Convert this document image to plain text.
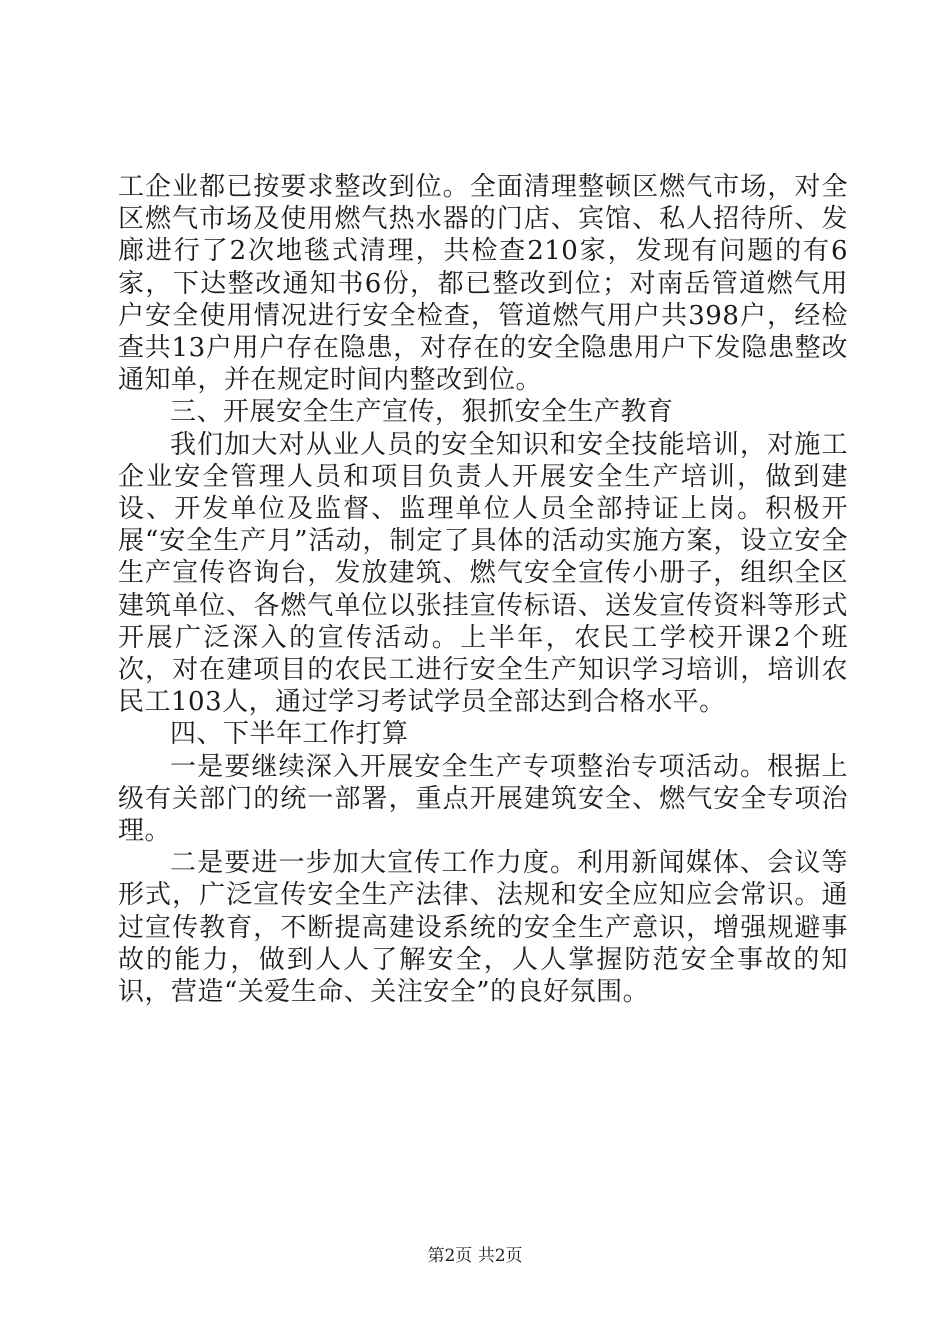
工企业都已按要求整改到位。全面清理整顿区燃气市场，对全区燃气市场及使用燃气热水器的门店、宾馆、私人招待所、发廊进行了2次地毯式清理，共检查210家，发现有问题的有6家，下达整改通知书6份，都已整改到位；对南岳管道燃气用户安全使用情况进行安全检查，管道燃气用户共398户，经检查共13户用户存在隐患，对存在的安全隐患用户下发隐患整改通知单，并在规定时间内整改到位。

三、开展安全生产宣传，狠抓安全生产教育

我们加大对从业人员的安全知识和安全技能培训，对施工企业安全管理人员和项目负责人开展安全生产培训，做到建设、开发单位及监督、监理单位人员全部持证上岗。积极开展“安全生产月”活动，制定了具体的活动实施方案，设立安全生产宣传咨询台，发放建筑、燃气安全宣传小册子，组织全区建筑单位、各燃气单位以张挂宣传标语、送发宣传资料等形式开展广泛深入的宣传活动。上半年，农民工学校开课2个班次，对在建项目的农民工进行安全生产知识学习培训，培训农民工103人，通过学习考试学员全部达到合格水平。

四、下半年工作打算

一是要继续深入开展安全生产专项整治专项活动。根据上级有关部门的统一部署，重点开展建筑安全、燃气安全专项治理。

二是要进一步加大宣传工作力度。利用新闻媒体、会议等形式，广泛宣传安全生产法律、法规和安全应知应会常识。通过宣传教育，不断提高建设系统的安全生产意识，增强规避事故的能力，做到人人了解安全，人人掌握防范安全事故的知识，营造“关爱生命、关注安全”的良好氛围。

第2页 共2页
